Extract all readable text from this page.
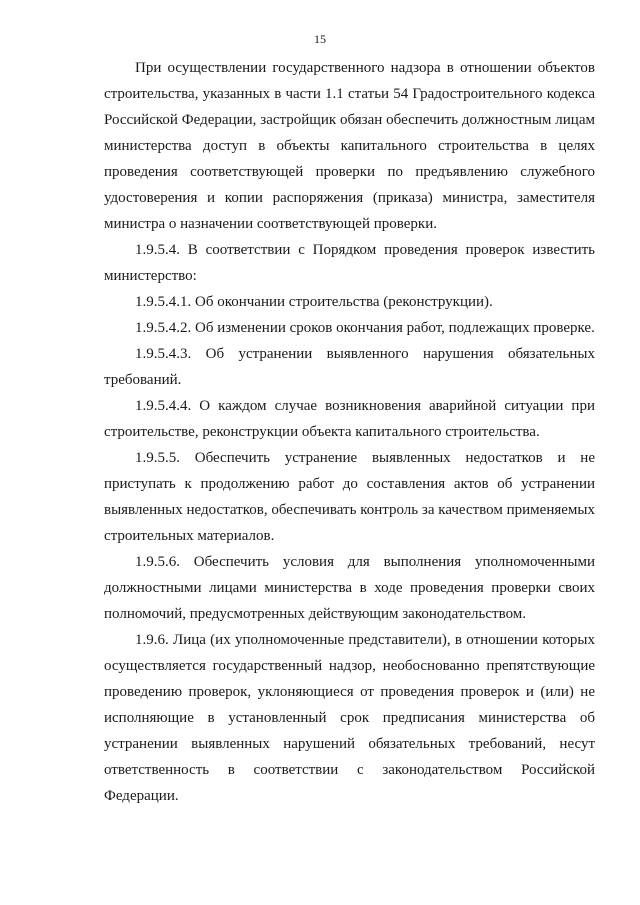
15

При осуществлении государственного надзора в отношении объектов строительства, указанных в части 1.1 статьи 54 Градостроительного кодекса Российской Федерации, застройщик обязан обеспечить должностным лицам министерства доступ в объекты капитального строительства в целях проведения соответствующей проверки по предъявлению служебного удостоверения и копии распоряжения (приказа) министра, заместителя министра о назначении соответствующей проверки.

1.9.5.4. В соответствии с Порядком проведения проверок известить министерство:

1.9.5.4.1. Об окончании строительства (реконструкции).

1.9.5.4.2. Об изменении сроков окончания работ, подлежащих проверке.

1.9.5.4.3. Об устранении выявленного нарушения обязательных требований.

1.9.5.4.4. О каждом случае возникновения аварийной ситуации при строительстве, реконструкции объекта капитального строительства.

1.9.5.5. Обеспечить устранение выявленных недостатков и не приступать к продолжению работ до составления актов об устранении выявленных недостатков, обеспечивать контроль за качеством применяемых строительных материалов.

1.9.5.6. Обеспечить условия для выполнения уполномоченными должностными лицами министерства в ходе проведения проверки своих полномочий, предусмотренных действующим законодательством.

1.9.6. Лица (их уполномоченные представители), в отношении которых осуществляется государственный надзор, необоснованно препятствующие проведению проверок, уклоняющиеся от проведения проверок и (или) не исполняющие в установленный срок предписания министерства об устранении выявленных нарушений обязательных требований, несут ответственность в соответствии с законодательством Российской Федерации.
